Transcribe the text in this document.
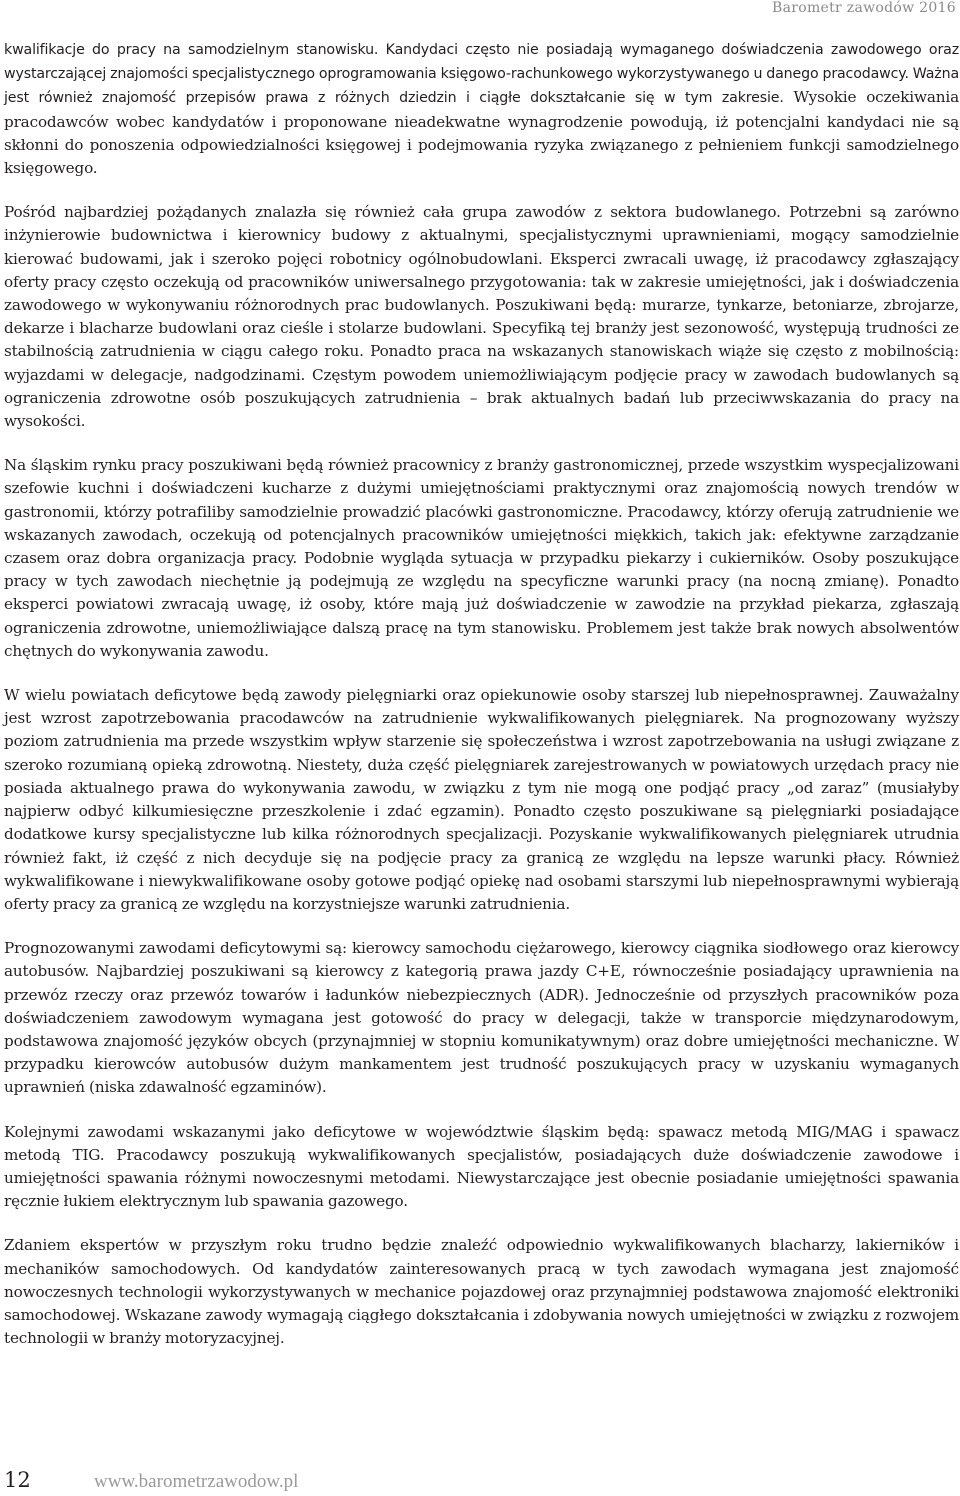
Barometr zawodów 2016

kwalifikacje do pracy na samodzielnym stanowisku. Kandydaci często nie posiadają wymaganego doświadczenia zawodowego oraz wystarczającej znajomości specjalistycznego oprogramowania księgowo-rachunkowego wykorzystywanego u danego pracodawcy. Ważna jest również znajomość przepisów prawa z różnych dziedzin i ciągłe dokształcanie się w tym zakresie. Wysokie oczekiwania pracodawców wobec kandydatów i proponowane nieadekwatne wynagrodzenie powodują, iż potencjalni kandydaci nie są skłonni do ponoszenia odpowiedzialności księgowej i podejmowania ryzyka związanego z pełnieniem funkcji samodzielnego księgowego.

Pośród najbardziej pożądanych znalazła się również cała grupa zawodów z sektora budowlanego. Potrzebni są zarówno inżynierowie budownictwa i kierownicy budowy z aktualnymi, specjalistycznymi uprawnieniami, mogący samodzielnie kierować budowami, jak i szeroko pojęci robotnicy ogólnobudowlani. Eksperci zwracali uwagę, iż pracodawcy zgłaszający oferty pracy często oczekują od pracowników uniwersalnego przygotowania: tak w zakresie umiejętności, jak i doświadczenia zawodowego w wykonywaniu różnorodnych prac budowlanych. Poszukiwani będą: murarze, tynkarze, betoniarze, zbrojarze, dekarze i blacharze budowlani oraz cieśle i stolarze budowlani. Specyfiką tej branży jest sezonowość, występują trudności ze stabilnością zatrudnienia w ciągu całego roku. Ponadto praca na wskazanych stanowiskach wiąże się często z mobilnością: wyjazdami w delegacje, nadgodzinami. Częstym powodem uniemożliwiającym podjęcie pracy w zawodach budowlanych są ograniczenia zdrowotne osób poszukujących zatrudnienia – brak aktualnych badań lub przeciwwskazania do pracy na wysokości.

Na śląskim rynku pracy poszukiwani będą również pracownicy z branży gastronomicznej, przede wszystkim wyspecjalizowani szefowie kuchni i doświadczeni kucharze z dużymi umiejętnościami praktycznymi oraz znajomością nowych trendów w gastronomii, którzy potrafiliby samodzielnie prowadzić placówki gastronomiczne. Pracodawcy, którzy oferują zatrudnienie we wskazanych zawodach, oczekują od potencjalnych pracowników umiejętności miękkich, takich jak: efektywne zarządzanie czasem oraz dobra organizacja pracy. Podobnie wygląda sytuacja w przypadku piekarzy i cukierników. Osoby poszukujące pracy w tych zawodach niechętnie ją podejmują ze względu na specyficzne warunki pracy (na nocną zmianę). Ponadto eksperci powiatowi zwracają uwagę, iż osoby, które mają już doświadczenie w zawodzie na przykład piekarza, zgłaszają ograniczenia zdrowotne, uniemożliwiające dalszą pracę na tym stanowisku. Problemem jest także brak nowych absolwentów chętnych do wykonywania zawodu.

W wielu powiatach deficytowe będą zawody pielęgniarki oraz opiekunowie osoby starszej lub niepełnosprawnej. Zauważalny jest wzrost zapotrzebowania pracodawców na zatrudnienie wykwalifikowanych pielęgniarek. Na prognozowany wyższy poziom zatrudnienia ma przede wszystkim wpływ starzenie się społeczeństwa i wzrost zapotrzebowania na usługi związane z szeroko rozumianą opieką zdrowotną. Niestety, duża część pielęgniarek zarejestrowanych w powiatowych urzędach pracy nie posiada aktualnego prawa do wykonywania zawodu, w związku z tym nie mogą one podjąć pracy „od zaraz” (musiałyby najpierw odbyć kilkumiesięczne przeszkolenie i zdać egzamin). Ponadto często poszukiwane są pielęgniarki posiadające dodatkowe kursy specjalistyczne lub kilka różnorodnych specjalizacji. Pozyskanie wykwalifikowanych pielęgniarek utrudnia również fakt, iż część z nich decyduje się na podjęcie pracy za granicą ze względu na lepsze warunki płacy. Również wykwalifikowane i niewykwalifikowane osoby gotowe podjąć opiekę nad osobami starszymi lub niepełnosprawnymi wybierają oferty pracy za granicą ze względu na korzystniejsze warunki zatrudnienia.

Prognozowanymi zawodami deficytowymi są: kierowcy samochodu ciężarowego, kierowcy ciągnika siodłowego oraz kierowcy autobusów. Najbardziej poszukiwani są kierowcy z kategorią prawa jazdy C+E, równocześnie posiadający uprawnienia na przewóz rzeczy oraz przewóz towarów i ładunków niebezpiecznych (ADR). Jednocześnie od przyszłych pracowników poza doświadczeniem zawodowym wymagana jest gotowość do pracy w delegacji, także w transporcie międzynarodowym, podstawowa znajomość języków obcych (przynajmniej w stopniu komunikatywnym) oraz dobre umiejętności mechaniczne. W przypadku kierowców autobusów dużym mankamentem jest trudność poszukujących pracy w uzyskaniu wymaganych uprawnień (niska zdawalność egzaminów).

Kolejnymi zawodami wskazanymi jako deficytowe w województwie śląskim będą: spawacz metodą MIG/MAG i spawacz metodą TIG. Pracodawcy poszukują wykwalifikowanych specjalistów, posiadających duże doświadczenie zawodowe i umiejętności spawania różnymi nowoczesnymi metodami. Niewystarczające jest obecnie posiadanie umiejętności spawania ręcznie łukiem elektrycznym lub spawania gazowego.

Zdaniem ekspertów w przyszłym roku trudno będzie znaleźć odpowiednio wykwalifikowanych blacharzy, lakierników i mechaników samochodowych. Od kandydatów zainteresowanych pracą w tych zawodach wymagana jest znajomość nowoczesnych technologii wykorzystywanych w mechanice pojazdowej oraz przynajmniej podstawowa znajomość elektroniki samochodowej. Wskazane zawody wymagają ciągłego dokształcania i zdobywania nowych umiejętności w związku z rozwojem technologii w branży motoryzacyjnej.

12	www.barometrzawodow.pl
